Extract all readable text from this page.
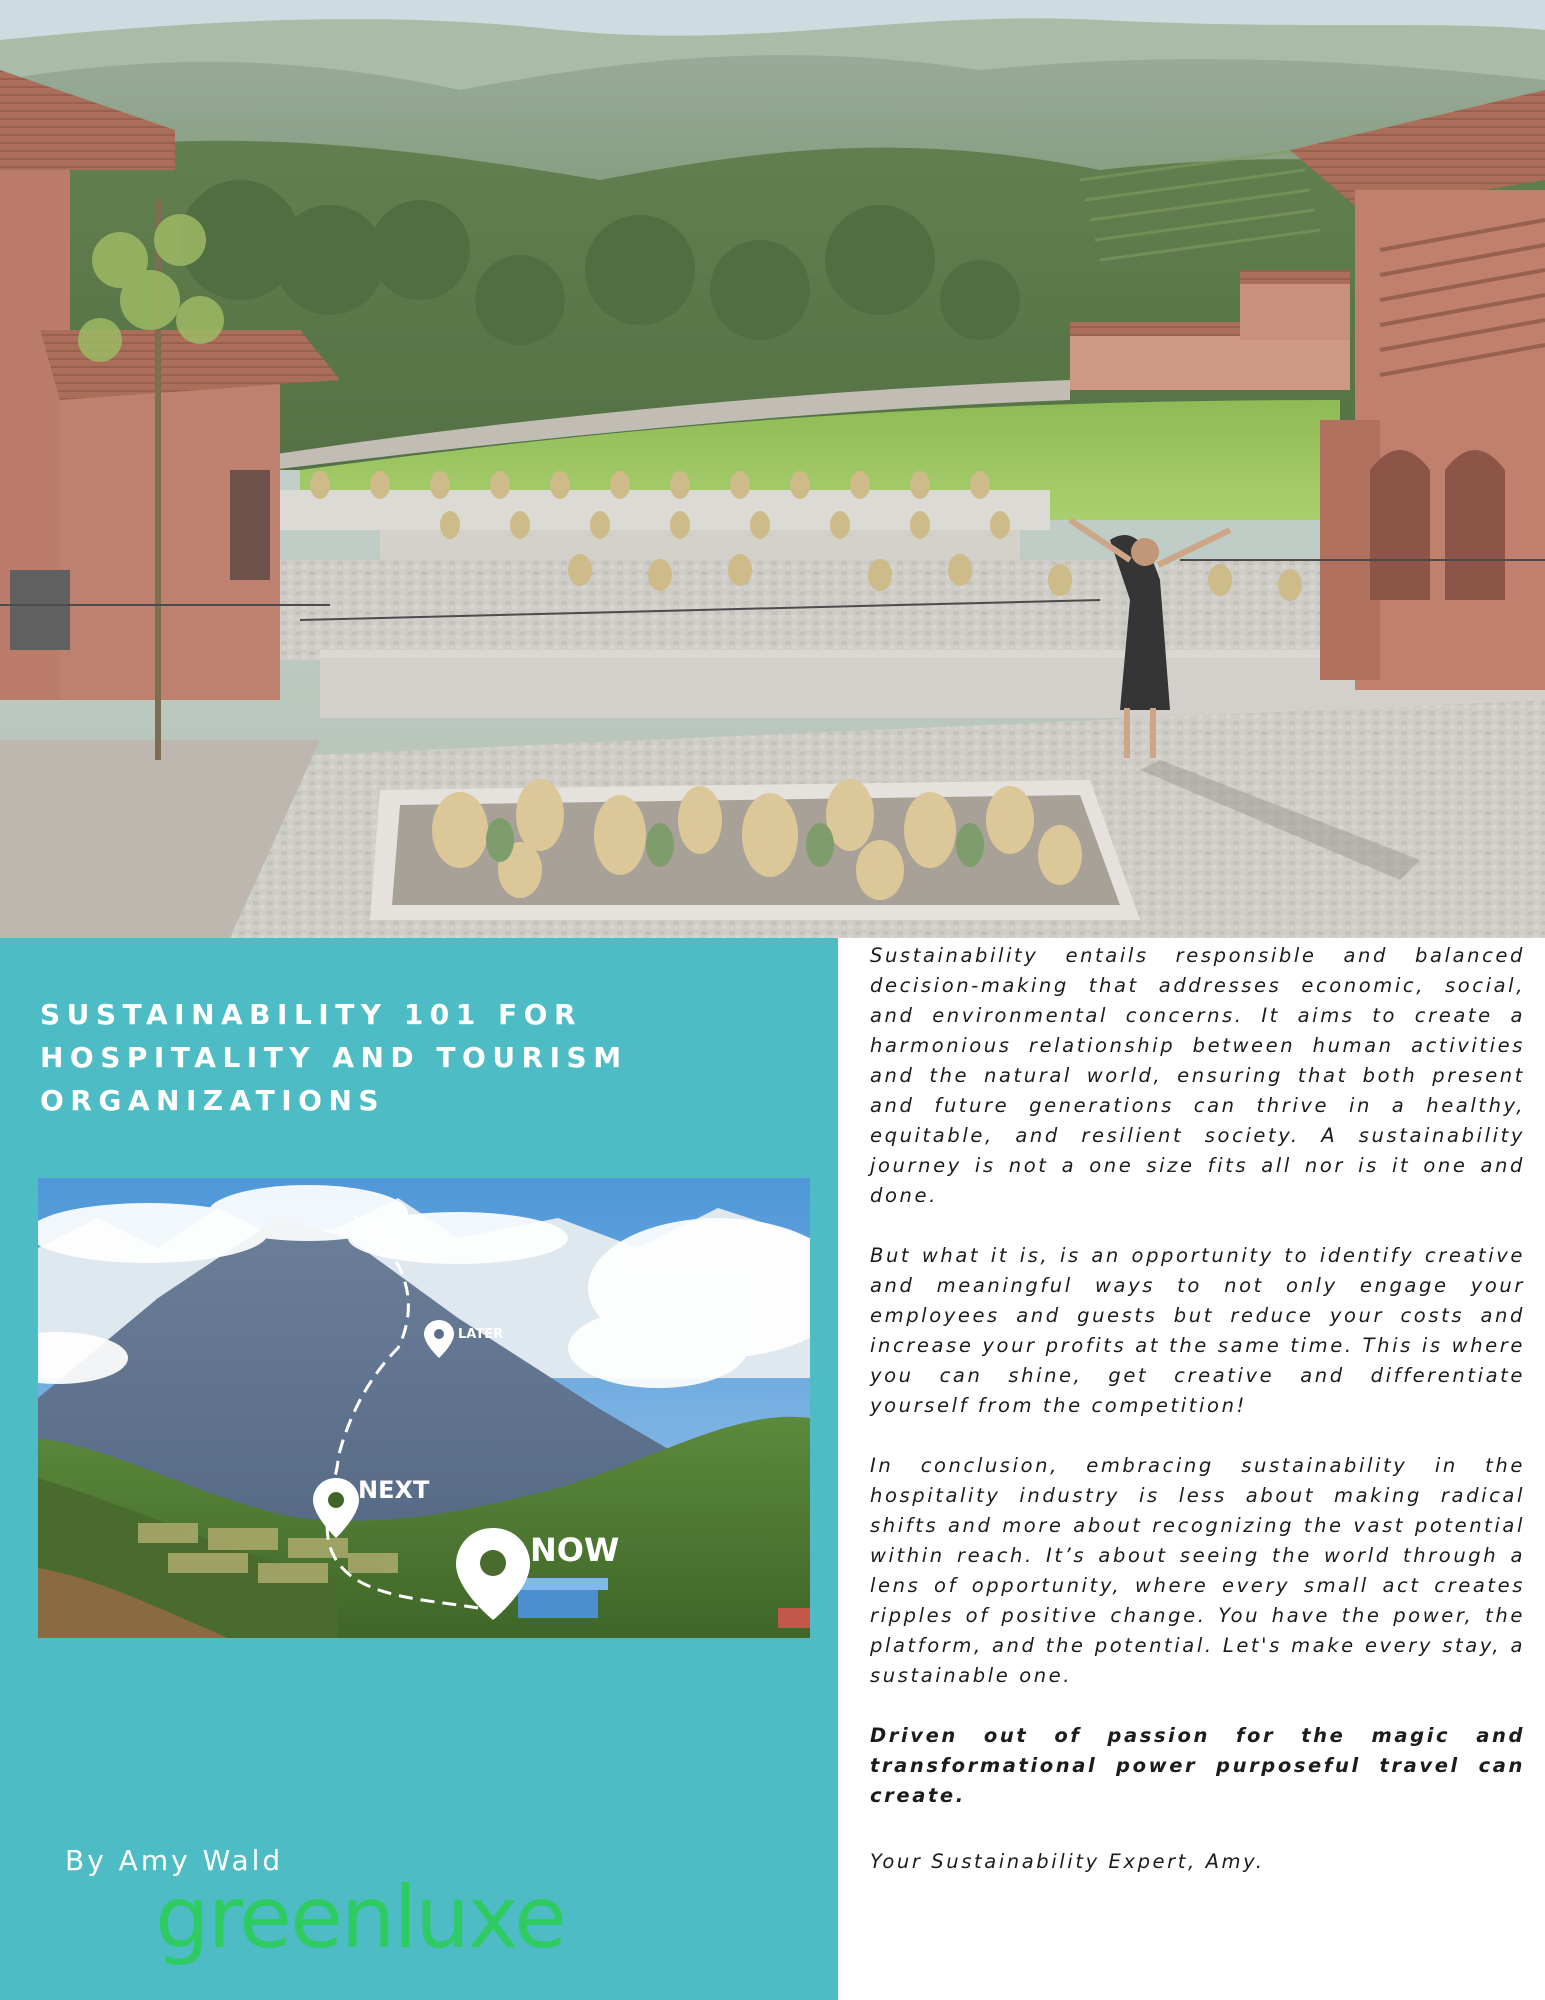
SUSTAINABILITY 101 FOR
HOSPITALITY AND TOURISM
ORGANIZATIONS
LATER
NEXT
NOW

By Amy Wald

greenluxe

Sustainability entails responsible and balanced decision-making that addresses economic, social, and environmental concerns. It aims to create a harmonious relationship between human activities and the natural world, ensuring that both present and future generations can thrive in a healthy, equitable, and resilient society. A sustainability journey is not a one size fits all nor is it one and done.

But what it is, is an opportunity to identify creative and meaningful ways to not only engage your employees and guests but reduce your costs and increase your profits at the same time. This is where you can shine, get creative and differentiate yourself from the competition!

In conclusion, embracing sustainability in the hospitality industry is less about making radical shifts and more about recognizing the vast potential within reach. It’s about seeing the world through a lens of opportunity, where every small act creates ripples of positive change. You have the power, the platform, and the potential. Let's make every stay, a sustainable one.

Driven out of passion for the magic and transformational power purposeful travel can create.

Your Sustainability Expert, Amy.
